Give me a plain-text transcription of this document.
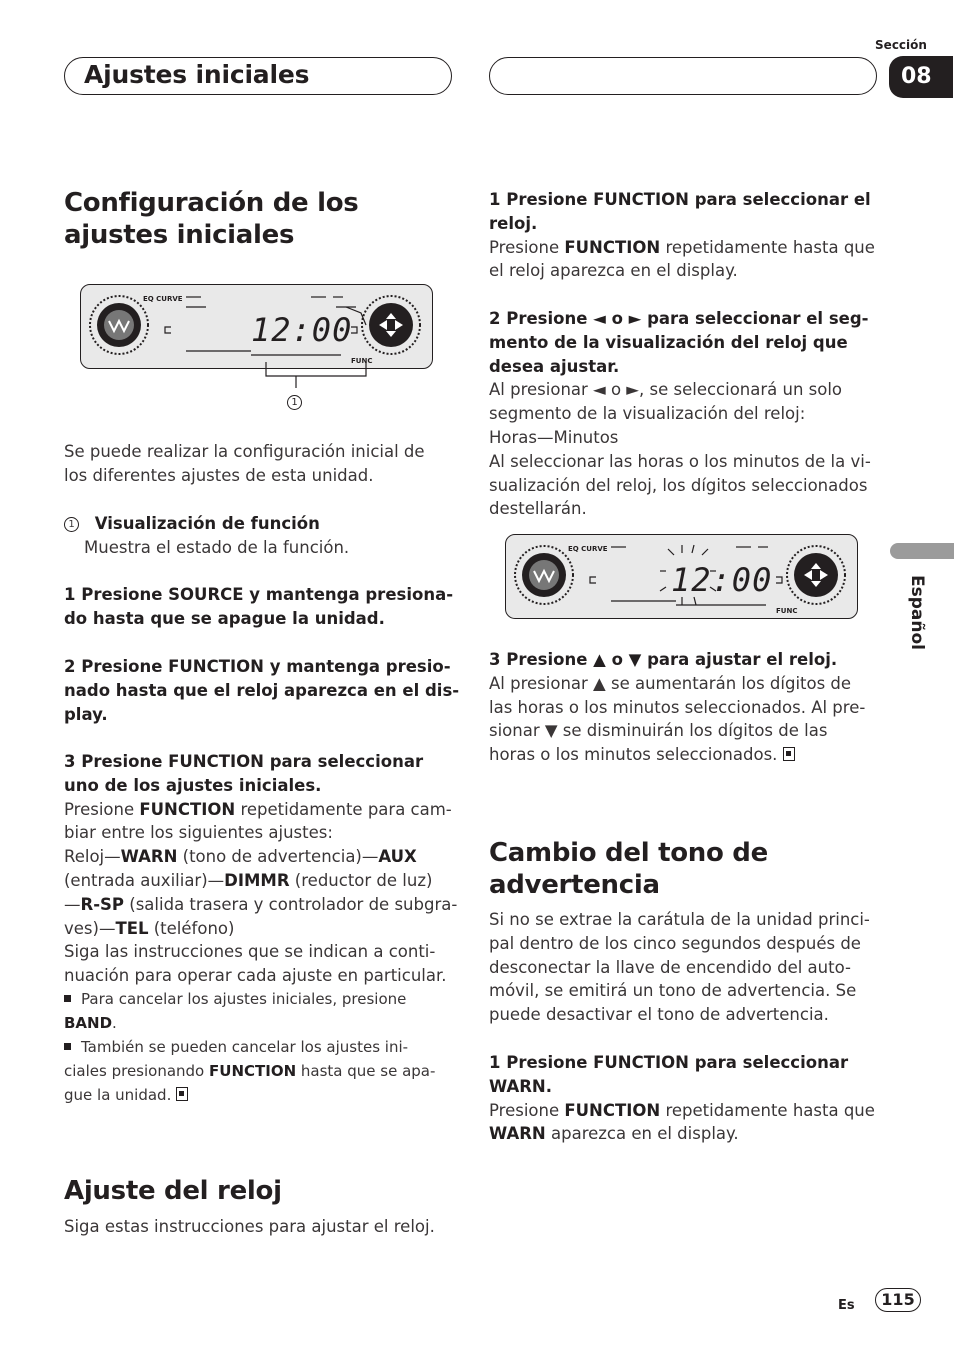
Ajustes iniciales
Sección
08
Español
Configuración de los
ajustes iniciales
EQ CURVE
FUNC
12:00
1
Se puede realizar la configuración inicial de
los diferentes ajustes de esta unidad.
1 Visualización de función
Muestra el estado de la función.
1 Presione SOURCE y mantenga presiona-
do hasta que se apague la unidad.
2 Presione FUNCTION y mantenga presio-
nado hasta que el reloj aparezca en el dis-
play.
3 Presione FUNCTION para seleccionar
uno de los ajustes iniciales.
Presione FUNCTION repetidamente para cam-
biar entre los siguientes ajustes:
Reloj—WARN (tono de advertencia)—AUX
(entrada auxiliar)—DIMMR (reductor de luz)
—R-SP (salida trasera y controlador de subgra-
ves)—TEL (teléfono)
Siga las instrucciones que se indican a conti-
nuación para operar cada ajuste en particular.
Para cancelar los ajustes iniciales, presione
BAND.
También se pueden cancelar los ajustes ini-
ciales presionando FUNCTION hasta que se apa-
gue la unidad.
Ajuste del reloj
Siga estas instrucciones para ajustar el reloj.
1 Presione FUNCTION para seleccionar el
reloj.
Presione FUNCTION repetidamente hasta que
el reloj aparezca en el display.
2 Presione ◄ o ► para seleccionar el seg-
mento de la visualización del reloj que
desea ajustar.
Al presionar ◄ o ►, se seleccionará un solo
segmento de la visualización del reloj:
Horas—Minutos
Al seleccionar las horas o los minutos de la vi-
sualización del reloj, los dígitos seleccionados
destellarán.
EQ CURVE
FUNC
12:00
3 Presione ▲ o ▼ para ajustar el reloj.
Al presionar ▲ se aumentarán los dígitos de
las horas o los minutos seleccionados. Al pre-
sionar ▼ se disminuirán los dígitos de las
horas o los minutos seleccionados.
Cambio del tono de
advertencia
Si no se extrae la carátula de la unidad princi-
pal dentro de los cinco segundos después de
desconectar la llave de encendido del auto-
móvil, se emitirá un tono de advertencia. Se
puede desactivar el tono de advertencia.
1 Presione FUNCTION para seleccionar
WARN.
Presione FUNCTION repetidamente hasta que
WARN aparezca en el display.
Es	115
